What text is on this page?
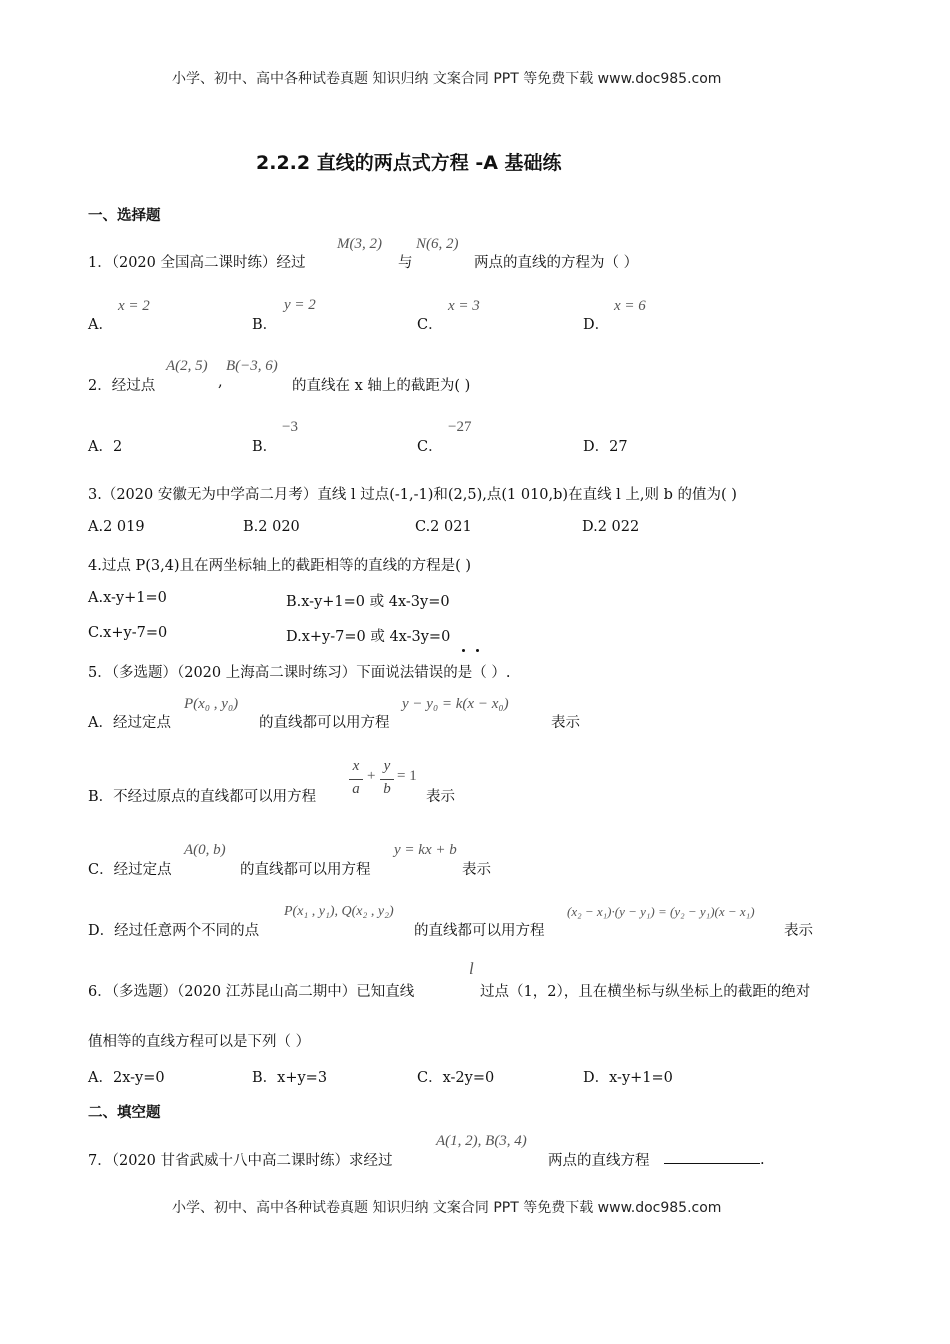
小学、初中、高中各种试卷真题 知识归纳 文案合同 PPT 等免费下载 www.doc985.com
2.2.2 直线的两点式方程 -A 基础练
一、选择题
1．（2020 全国高二课时练）经过
M(3, 2)
与
N(6, 2)
两点的直线的方程为（ ）
A．
x = 2
B．
y = 2
C．
x = 3
D．
x = 6
2．经过点
A(2, 5)
,
B(−3, 6)
的直线在 x 轴上的截距为( )
A．2	B．
−3
C．
−27
D．27
3.（2020 安徽无为中学高二月考）直线 l 过点(-1,-1)和(2,5),点(1 010,b)在直线 l 上,则 b 的值为( )
A.2 019	B.2 020	C.2 021	D.2 022
4.过点 P(3,4)且在两坐标轴上的截距相等的直线的方程是( )
A.x-y+1=0	B.x-y+1=0 或 4x-3y=0
C.x+y-7=0	D.x+y-7=0 或 4x-3y=0
5．（多选题）（2020 上海高二课时练习）下面说法错误的是（ ）.
A．经过定点
P(x₀ , y₀)
的直线都可以用方程
y − y₀ = k(x − x₀)
表示
B．不经过原点的直线都可以用方程
x
a
+
y
b
= 1
表示
C．经过定点
A(0, b)
的直线都可以用方程
y = kx + b
表示
D．经过任意两个不同的点
P(x₁ , y₁), Q(x₂ , y₂)
的直线都可以用方程
(x₂ − x₁)·(y − y₁) = (y₂ − y₁)(x − x₁)
表示
6．（多选题）（2020 江苏昆山高二期中）已知直线
l
过点（1，2），且在横坐标与纵坐标上的截距的绝对
值相等的直线方程可以是下列（ ）
A．2x-y=0	B．x+y=3	C．x-2y=0	D．x-y+1=0
二、填空题
7．（2020 甘省武威十八中高二课时练）求经过
A(1, 2), B(3, 4)
两点的直线方程	.
小学、初中、高中各种试卷真题 知识归纳 文案合同 PPT 等免费下载 www.doc985.com
